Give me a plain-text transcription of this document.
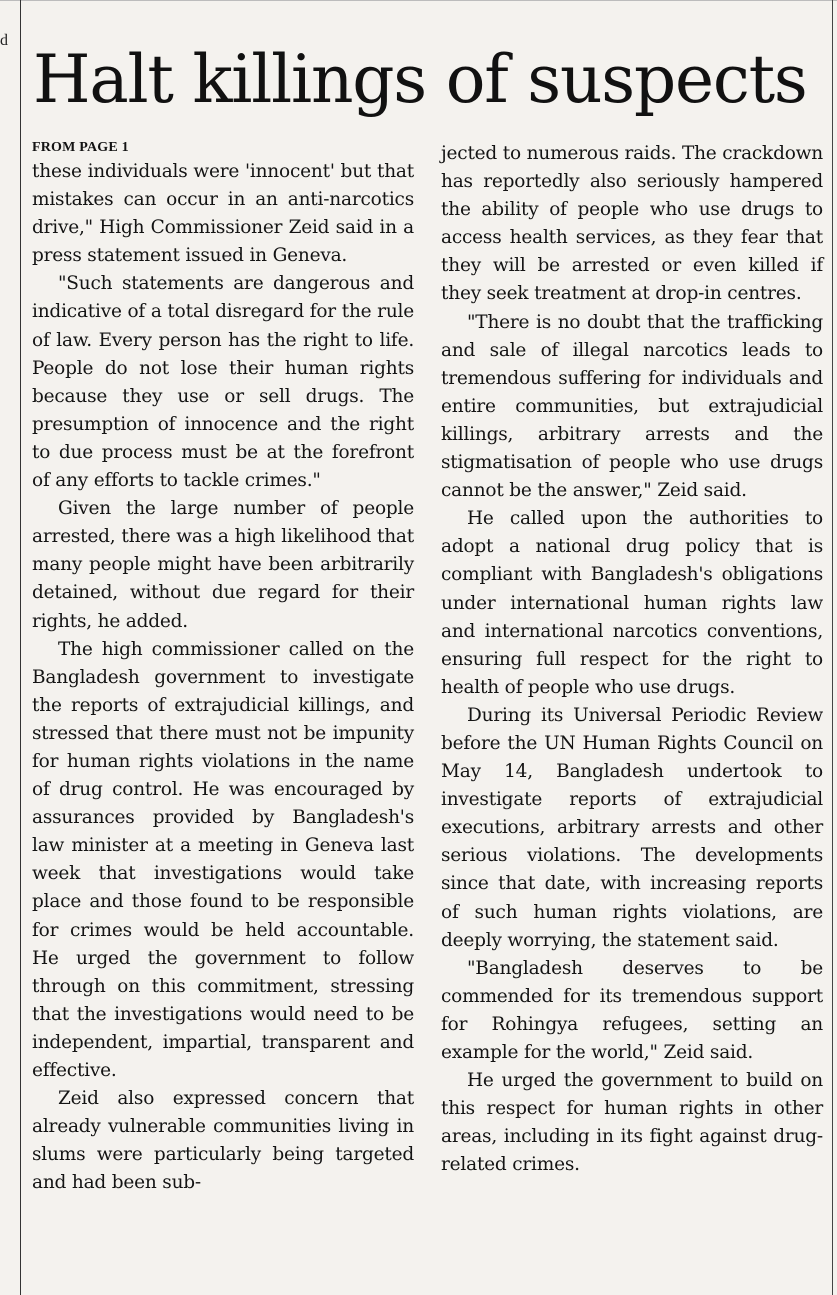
d
Halt killings of suspects
FROM PAGE 1

these individuals were 'innocent' but that mistakes can occur in an anti-narcotics drive," High Commissioner Zeid said in a press statement issued in Geneva.

"Such statements are dangerous and indicative of a total disregard for the rule of law. Every person has the right to life. People do not lose their human rights because they use or sell drugs. The presumption of innocence and the right to due process must be at the forefront of any efforts to tackle crimes."

Given the large number of people arrested, there was a high likelihood that many people might have been arbitrarily detained, without due regard for their rights, he added.

The high commissioner called on the Bangladesh government to investigate the reports of extrajudicial killings, and stressed that there must not be impunity for human rights violations in the name of drug control. He was encouraged by assurances provided by Bangladesh's law minister at a meeting in Geneva last week that investigations would take place and those found to be responsible for crimes would be held accountable. He urged the government to follow through on this commitment, stressing that the investigations would need to be independent, impartial, transparent and effective.

Zeid also expressed concern that already vulnerable communities living in slums were particularly being targeted and had been sub-

jected to numerous raids. The crackdown has reportedly also seriously hampered the ability of people who use drugs to access health services, as they fear that they will be arrested or even killed if they seek treatment at drop-in centres.

"There is no doubt that the trafficking and sale of illegal narcotics leads to tremendous suffering for individuals and entire communities, but extrajudicial killings, arbitrary arrests and the stigmatisation of people who use drugs cannot be the answer," Zeid said.

He called upon the authorities to adopt a national drug policy that is compliant with Bangladesh's obligations under international human rights law and international narcotics conventions, ensuring full respect for the right to health of people who use drugs.

During its Universal Periodic Review before the UN Human Rights Council on May 14, Bangladesh undertook to investigate reports of extrajudicial executions, arbitrary arrests and other serious violations. The developments since that date, with increasing reports of such human rights violations, are deeply worrying, the statement said.

"Bangladesh deserves to be commended for its tremendous support for Rohingya refugees, setting an example for the world," Zeid said.

He urged the government to build on this respect for human rights in other areas, including in its fight against drug-related crimes.
